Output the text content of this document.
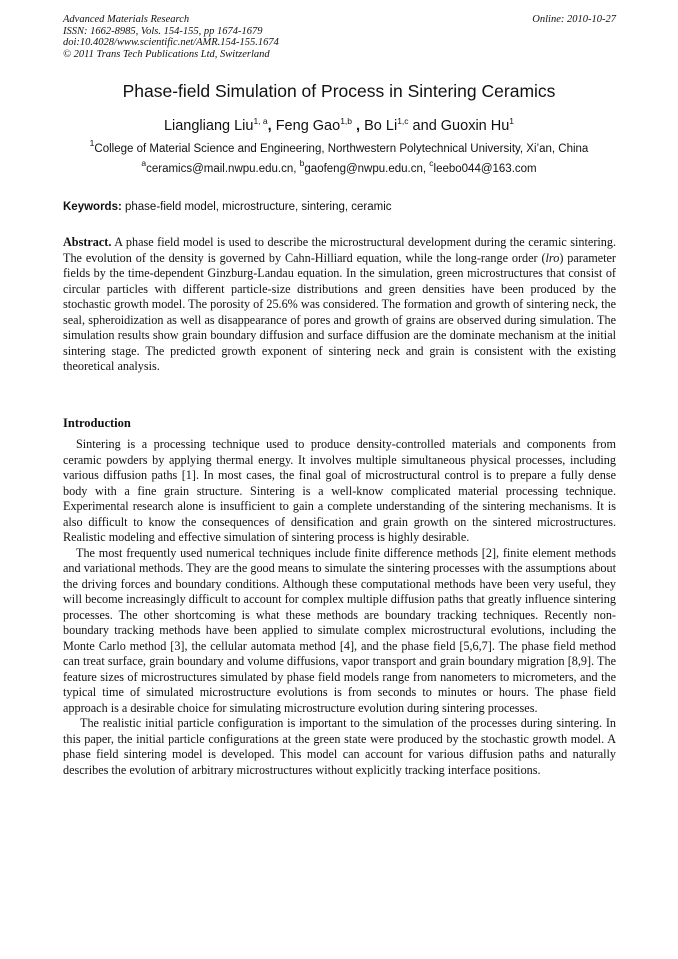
Advanced Materials Research
ISSN: 1662-8985, Vols. 154-155, pp 1674-1679
doi:10.4028/www.scientific.net/AMR.154-155.1674
© 2011 Trans Tech Publications Ltd, Switzerland
Online: 2010-10-27
Phase-field Simulation of Process in Sintering Ceramics
Liangliang Liu$^{1, a}$, Feng Gao$^{1,b}$ , Bo Li$^{1,c}$ and Guoxin Hu$^1$
$^1$College of Material Science and Engineering, Northwestern Polytechnical University, Xi’an, China
$^a$ceramics@mail.nwpu.edu.cn, $^b$gaofeng@nwpu.edu.cn, $^c$leebo044@163.com
Keywords: phase-field model, microstructure, sintering, ceramic
Abstract. A phase field model is used to describe the microstructural development during the ceramic sintering. The evolution of the density is governed by Cahn-Hilliard equation, while the long-range order (lro) parameter fields by the time-dependent Ginzburg-Landau equation. In the simulation, green microstructures that consist of circular particles with different particle-size distributions and green densities have been produced by the stochastic growth model. The porosity of 25.6% was considered. The formation and growth of sintering neck, the seal, spheroidization as well as disappearance of pores and growth of grains are observed during simulation. The simulation results show grain boundary diffusion and surface diffusion are the dominate mechanism at the initial sintering stage. The predicted growth exponent of sintering neck and grain is consistent with the existing theoretical analysis.
Introduction

Sintering is a processing technique used to produce density-controlled materials and components from ceramic powders by applying thermal energy. It involves multiple simultaneous physical processes, including various diffusion paths [1]. In most cases, the final goal of microstructural control is to prepare a fully dense body with a fine grain structure. Sintering is a well-know complicated material processing technique. Experimental research alone is insufficient to gain a complete understanding of the sintering mechanisms. It is also difficult to know the consequences of densification and grain growth on the sintered microstructures. Realistic modeling and effective simulation of sintering process is highly desirable.

The most frequently used numerical techniques include finite difference methods [2], finite element methods and variational methods. They are the good means to simulate the sintering processes with the assumptions about the driving forces and boundary conditions. Although these computational methods have been very useful, they will become increasingly difficult to account for complex multiple diffusion paths that greatly influence sintering processes. The other shortcoming is what these methods are boundary tracking techniques. Recently non-boundary tracking methods have been applied to simulate complex microstructural evolutions, including the Monte Carlo method [3], the cellular automata method [4], and the phase field [5,6,7]. The phase field method can treat surface, grain boundary and volume diffusions, vapor transport and grain boundary migration [8,9]. The feature sizes of microstructures simulated by phase field models range from nanometers to micrometers, and the typical time of simulated microstructure evolutions is from seconds to minutes or hours. The phase field approach is a desirable choice for simulating microstructure evolution during sintering processes.

The realistic initial particle configuration is important to the simulation of the processes during sintering. In this paper, the initial particle configurations at the green state were produced by the stochastic growth model. A phase field sintering model is developed. This model can account for various diffusion paths and naturally describes the evolution of arbitrary microstructures without explicitly tracking interface positions.
